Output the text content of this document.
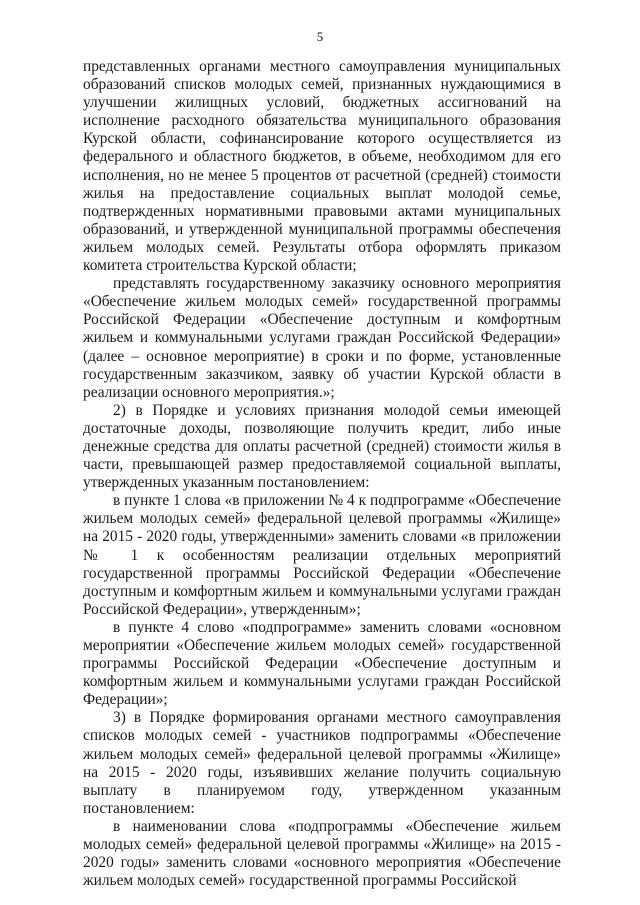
5

представленных органами местного самоуправления муниципальных образований списков молодых семей, признанных нуждающимися в улучшении жилищных условий, бюджетных ассигнований на исполнение расходного обязательства муниципального образования Курской области, софинансирование которого осуществляется из федерального и областного бюджетов, в объеме, необходимом для его исполнения, но не менее 5 процентов от расчетной (средней) стоимости жилья на предоставление социальных выплат молодой семье, подтвержденных нормативными правовыми актами муниципальных образований, и утвержденной муниципальной программы обеспечения жильем молодых семей. Результаты отбора оформлять приказом комитета строительства Курской области;

представлять государственному заказчику основного мероприятия «Обеспечение жильем молодых семей» государственной программы Российской Федерации «Обеспечение доступным и комфортным жильем и коммунальными услугами граждан Российской Федерации» (далее – основное мероприятие) в сроки и по форме, установленные государственным заказчиком, заявку об участии Курской области в реализации основного мероприятия.»;

2) в Порядке и условиях признания молодой семьи имеющей достаточные доходы, позволяющие получить кредит, либо иные денежные средства для оплаты расчетной (средней) стоимости жилья в части, превышающей размер предоставляемой социальной выплаты, утвержденных указанным постановлением:

в пункте 1 слова «в приложении № 4 к подпрограмме «Обеспечение жильем молодых семей» федеральной целевой программы «Жилище» на 2015 - 2020 годы, утвержденными» заменить словами «в приложении № 1 к особенностям реализации отдельных мероприятий государственной программы Российской Федерации «Обеспечение доступным и комфортным жильем и коммунальными услугами граждан Российской Федерации», утвержденным»;

в пункте 4 слово «подпрограмме» заменить словами «основном мероприятии «Обеспечение жильем молодых семей» государственной программы Российской Федерации «Обеспечение доступным и комфортным жильем и коммунальными услугами граждан Российской Федерации»;

3) в Порядке формирования органами местного самоуправления списков молодых семей - участников подпрограммы «Обеспечение жильем молодых семей» федеральной целевой программы «Жилище» на 2015 - 2020 годы, изъявивших желание получить социальную выплату в планируемом году, утвержденном указанным постановлением:

в наименовании слова «подпрограммы «Обеспечение жильем молодых семей» федеральной целевой программы «Жилище» на 2015 - 2020 годы» заменить словами «основного мероприятия «Обеспечение жильем молодых семей» государственной программы Российской
